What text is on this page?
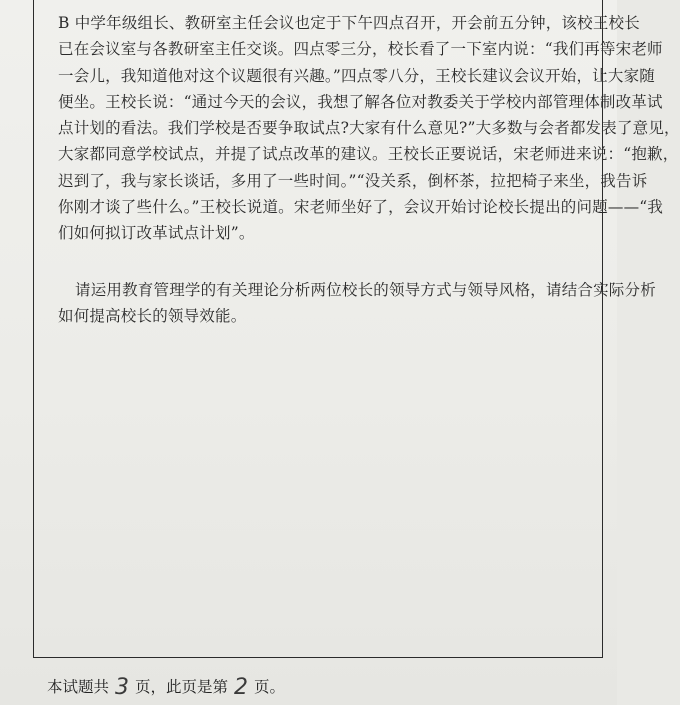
B 中学年级组长、教研室主任会议也定于下午四点召开，开会前五分钟，该校王校长
已在会议室与各教研室主任交谈。四点零三分，校长看了一下室内说：“我们再等宋老师
一会儿，我知道他对这个议题很有兴趣。”四点零八分，王校长建议会议开始，让大家随
便坐。王校长说：“通过今天的会议，我想了解各位对教委关于学校内部管理体制改革试
点计划的看法。我们学校是否要争取试点?大家有什么意见?”大多数与会者都发表了意见，
大家都同意学校试点，并提了试点改革的建议。王校长正要说话，宋老师进来说：“抱歉，
迟到了，我与家长谈话，多用了一些时间。”“没关系，倒杯茶，拉把椅子来坐，我告诉
你刚才谈了些什么。”王校长说道。宋老师坐好了，会议开始讨论校长提出的问题——“我
们如何拟订改革试点计划”。
请运用教育管理学的有关理论分析两位校长的领导方式与领导风格，请结合实际分析
如何提高校长的领导效能。
本试题共 3 页，此页是第 2 页。
